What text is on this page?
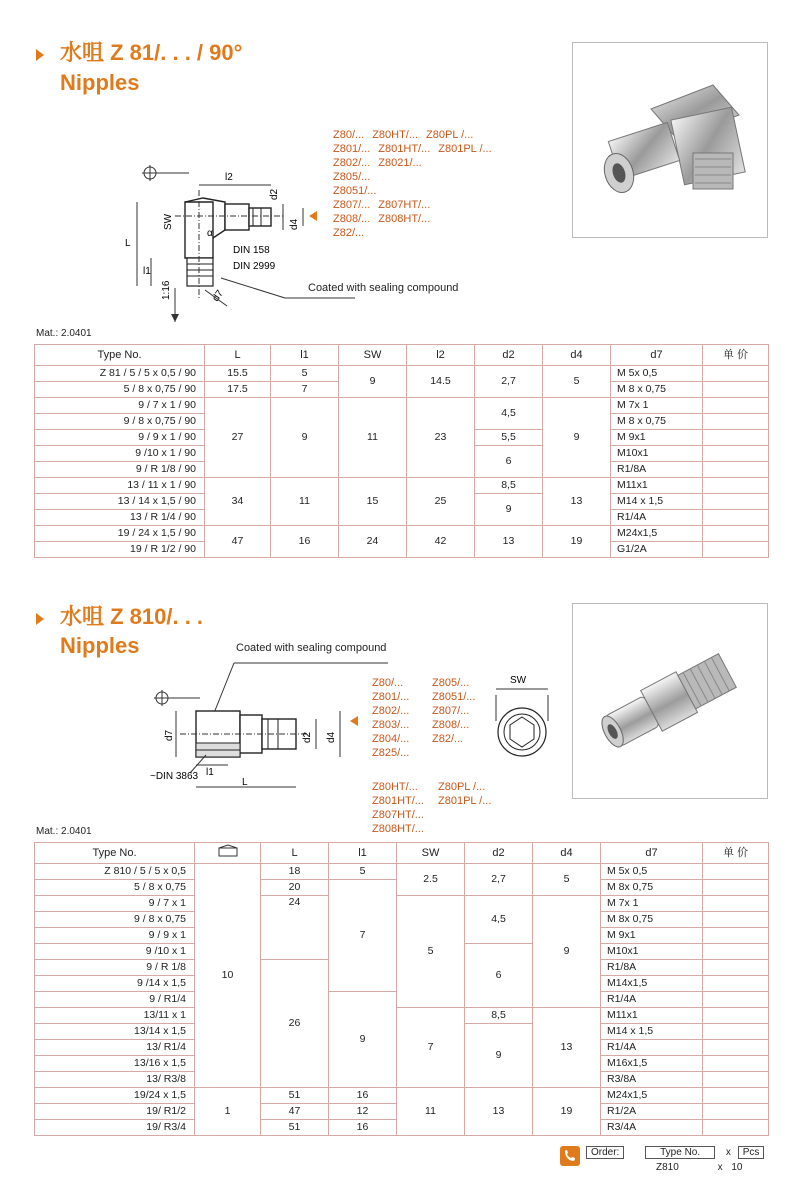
水咀 Z 81/. . . / 90°
Nipples
L
l1
SW
l2
d2
d4
α
DIN 158
DIN 2999
1:16	d7
Coated with sealing compound
Z80/... Z80HT/... Z80PL /...
Z801/... Z801HT/... Z801PL /...
Z802/... Z8021/...
Z805/...
Z8051/...
Z807/... Z807HT/...
Z808/... Z808HT/...
Z82/...
Mat.: 2.0401
Type No.	L	l1	SW	l2	d2	d4	d7	单 价
Z 81 / 5 / 5 x 0,5 / 90	15.5	5	9	14.5	2,7	5	M 5x 0,5	
5 / 8 x 0,75 / 90	17.5	7					M 8 x 0,75	
9 / 7 x 1 / 90	27	9	11	23	4,5	9	M 7x 1	
9 / 8 x 0,75 / 90							M 8 x 0,75	
9 / 9 x 1 / 90					5,5		M 9x1	
9 /10 x 1 / 90					6		M10x1	
9 / R 1/8 / 90							R1/8A	
13 / 11 x 1 / 90	34	11	15	25	8,5	13	M11x1	
13 / 14 x 1,5 / 90					9		M14 x 1,5	
13 / R 1/4 / 90							R1/4A	
19 / 24 x 1,5 / 90	47	16	24	42	13	19	M24x1,5	
19 / R 1/2 / 90							G1/2A	
水咀 Z 810/. . .
Nipples	Coated with sealing compound
d7	d2 d4
l1
L
~DIN 3863
SW
Z80/...	Z805/...
Z801/...	Z8051/...
Z802/...	Z807/...
Z803/...	Z808/...
Z804/...	Z82/...
Z825/...
Z80HT/...	Z80PL /...
Z801HT/...	Z801PL /...
Z807HT/...
Z808HT/...
Mat.: 2.0401
Type No.		L	l1	SW	d2	d4	d7	单 价
Z 810 / 5 / 5 x 0,5	10	18	5	2.5	2,7	5	M 5x 0,5	
5 / 8 x 0,75		20	7				M 8x 0,75	
9 / 7 x 1		24		5	4,5	9	M 7x 1	
9 / 8 x 0,75							M 8x 0,75	
9 / 9 x 1							M 9x1	
9 /10 x 1					6		M10x1	
9 / R 1/8		26					R1/8A	
9 /14 x 1,5							M14x1,5	
9 / R1/4			9				R1/4A	
13/11 x 1				7	8,5	13	M11x1	
13/14 x 1,5					9		M14 x 1,5	
13/ R1/4							R1/4A	
13/16 x 1,5							M16x1,5	
13/ R3/8							R3/8A	
19/24 x 1,5	1	51	16	11	13	19	M24x1,5	
19/ R1/2		47	12				R1/2A	
19/ R3/4		51	16				R3/4A	
Order:	Type No.	x Pcs
Z810	x 10
